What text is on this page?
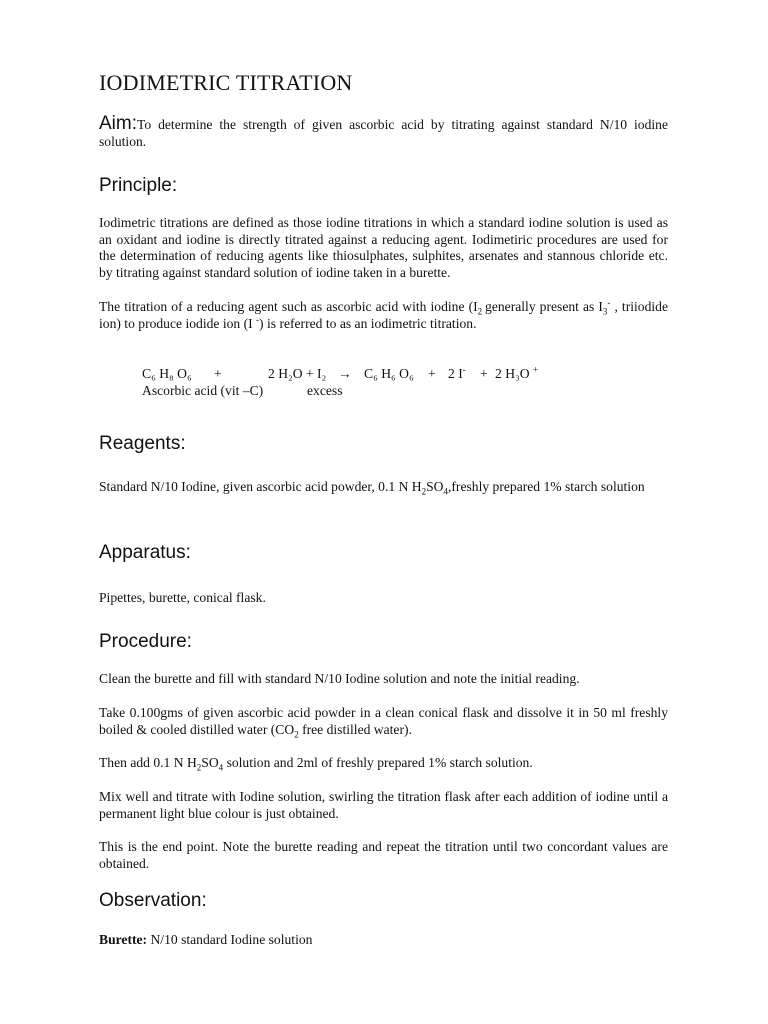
IODIMETRIC TITRATION
Aim:To determine the strength of given ascorbic acid by titrating against standard N/10 iodine solution.
Principle:
Iodimetric titrations are defined as those iodine titrations in which a standard iodine solution is used as an oxidant and iodine is directly titrated against a reducing agent. Iodimetiric procedures are used for the determination of reducing agents like thiosulphates, sulphites, arsenates and stannous chloride etc. by titrating against standard solution of iodine taken in a burette.
The titration of a reducing agent such as ascorbic acid with iodine ($I_2$ generally present as $I_3^-$ , triiodide ion) to produce iodide ion (I -) is referred to as an iodimetric titration.
C₆ H₈ O₆ +	2 H₂O + I₂ → C₆ H₆ O₆ + 2 I- + 2 H₃O +
Ascorbic acid (vit –C)	excess
Reagents:
Standard N/10 Iodine, given ascorbic acid powder, 0.1 N $H_2SO_4,freshly$ prepared 1% starch solution
Apparatus:
Pipettes, burette, conical flask.
Procedure:
Clean the burette and fill with standard N/10 Iodine solution and note the initial reading.
Take 0.100gms of given ascorbic acid powder in a clean conical flask and dissolve it in 50 ml freshly boiled & cooled distilled water ($CO_2$ free distilled water).
Then add 0.1 N $H_2SO_4$ solution and 2ml of freshly prepared 1% starch solution.
Mix well and titrate with Iodine solution, swirling the titration flask after each addition of iodine until a permanent light blue colour is just obtained.
This is the end point. Note the burette reading and repeat the titration until two concordant values are obtained.
Observation:
Burette: N/10 standard Iodine solution
